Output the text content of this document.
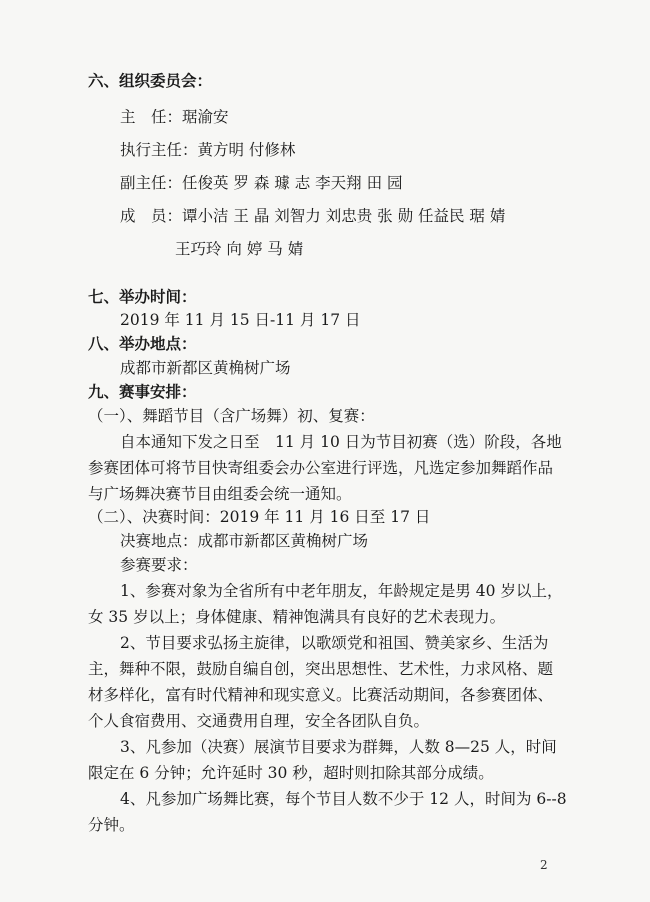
六、组织委员会：
主　任：琚渝安
执行主任：黄方明 付修林
副主任：任俊英 罗 森 璩 志 李天翔 田 园
成　员：谭小洁 王 晶 刘智力 刘忠贵 张 勋 任益民 琚 婧
王巧玲 向 婷 马 婧
七、举办时间：
2019 年 11 月 15 日-11 月 17 日
八、举办地点：
成都市新都区黄桷树广场
九、赛事安排：
（一）、舞蹈节目（含广场舞）初、复赛：
自本通知下发之日至　11 月 10 日为节目初赛（选）阶段，各地
参赛团体可将节目快寄组委会办公室进行评选，凡选定参加舞蹈作品
与广场舞决赛节目由组委会统一通知。
（二）、决赛时间：2019 年 11 月 16 日至 17 日
决赛地点：成都市新都区黄桷树广场
参赛要求：
1、参赛对象为全省所有中老年朋友，年龄规定是男 40 岁以上，
女 35 岁以上；身体健康、精神饱满具有良好的艺术表现力。
2、节目要求弘扬主旋律，以歌颂党和祖国、赞美家乡、生活为
主，舞种不限，鼓励自编自创，突出思想性、艺术性，力求风格、题
材多样化，富有时代精神和现实意义。比赛活动期间，各参赛团体、
个人食宿费用、交通费用自理，安全各团队自负。
3、凡参加（决赛）展演节目要求为群舞，人数 8—25 人，时间
限定在 6 分钟；允许延时 30 秒，超时则扣除其部分成绩。
4、凡参加广场舞比赛，每个节目人数不少于 12 人，时间为 6--8
分钟。
2
